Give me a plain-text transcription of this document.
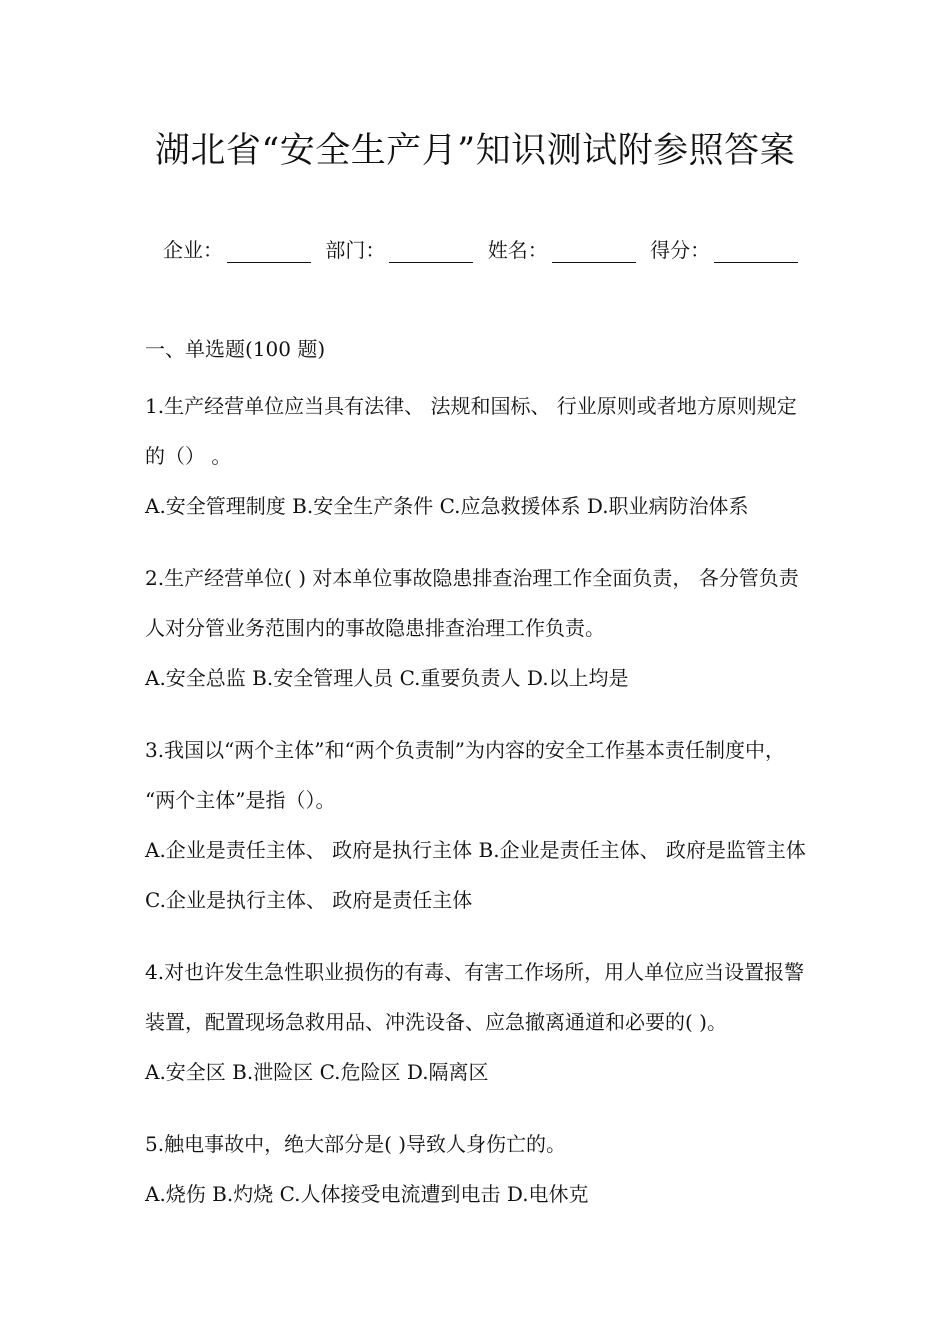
湖北省“安全生产月”知识测试附参照答案
企业：	部门：	姓名：	得分：

一、单选题(100 题)

1.生产经营单位应当具有法律、 法规和国标、 行业原则或者地方原则规定的（） 。

A.安全管理制度 B.安全生产条件 C.应急救援体系 D.职业病防治体系

2.生产经营单位( ) 对本单位事故隐患排查治理工作全面负责， 各分管负责人对分管业务范围内的事故隐患排查治理工作负责。

A.安全总监 B.安全管理人员 C.重要负责人 D.以上均是

3.我国以“两个主体”和“两个负责制”为内容的安全工作基本责任制度中， “两个主体”是指（）。

A.企业是责任主体、 政府是执行主体 B.企业是责任主体、 政府是监管主体 C.企业是执行主体、 政府是责任主体

4.对也许发生急性职业损伤的有毒、有害工作场所，用人单位应当设置报警装置，配置现场急救用品、冲洗设备、应急撤离通道和必要的( )。

A.安全区 B.泄险区 C.危险区 D.隔离区

5.触电事故中，绝大部分是( )导致人身伤亡的。

A.烧伤 B.灼烧 C.人体接受电流遭到电击 D.电休克
